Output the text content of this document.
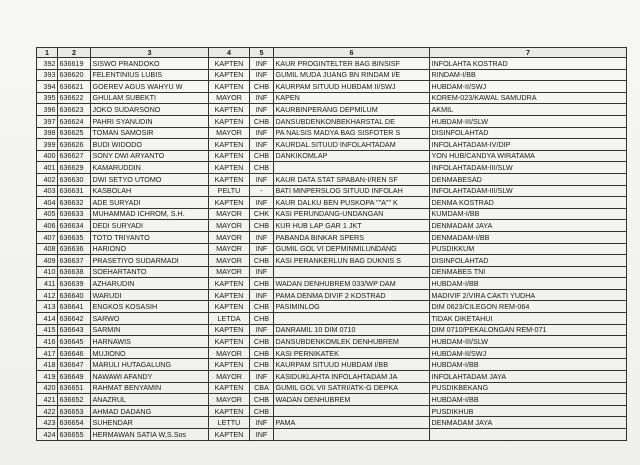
1	2	3	4	5	6	7
392	636619	SISWO PRANDOKO	KAPTEN	INF	KAUR PROGINTELTER BAG BINSISF	INFOLAHTA KOSTRAD
393	636620	FELENTINIUS LUBIS	KAPTEN	INF	GUMIL MUDA JUANG BN RINDAM I/E	RINDAM-I/BB
394	636621	GOEREV AGUS WAHYU W	KAPTEN	CHB	KAURPAM SITUUD HUBDAM II/SWJ	HUBDAM-II/SWJ
395	636622	GHULAM SUBEKTI	MAYOR	INF	KAPEN	KOREM-023/KAWAL SAMUDRA
396	636623	JOKO SUDARSONO	KAPTEN	INF	KAURBINPERANG DEPMILUM	AKMIL
397	636624	PAHRI SYANUDIN	KAPTEN	CHB	DANSUBDENKONBEKHARSTAL DE	HUBDAM-III/SLW
398	636625	TOMAN SAMOSIR	MAYOR	INF	PA NALSIS MADYA BAG SISFOTER S	DISINFOLAHTAD
399	636626	BUDI WIDODO	KAPTEN	INF	KAURDAL SITUUD INFOLAHTADAM	INFOLAHTADAM-IV/DIP
400	636627	SONY DWI ARYANTO	KAPTEN	CHB	DANKIKOMLAP	YON HUB/CANDYA WIRATAMA
401	636629	KAMARUDDIN	KAPTEN	CHB		INFOLAHTADAM-III/SLW
402	636630	DWI SETYO UTOMO	KAPTEN	INF	KAUR DATA STAT SPABAN-I/REN SF	DENMABESAD
403	636631	KASBOLAH	PELTU	-	BATI MINPERSLOG SITUUD INFOLAH	INFOLAHTADAM-III/SLW
404	636632	ADE SURYADI	KAPTEN	INF	KAUR DALKU BEN PUSKOPA ""A"" K	DENMA KOSTRAD
405	636633	MUHAMMAD ICHROM, S.H.	MAYOR	CHK	KASI PERUNDANG-UNDANGAN	KUMDAM-I/BB
406	636634	DEDI SURYADI	MAYOR	CHB	KUR HUB LAP GAR 1 JKT	DENMADAM JAYA
407	636635	TOTO TRIYANTO	MAYOR	INF	PABANDA BINKAR SPERS	DENMADAM-I/BB
408	636636	HARIONO	MAYOR	INF	GUMIL GOL VI DEPMINMILUNDANG	PUSDIKKUM
409	636637	PRASETIYO SUDARMADI	MAYOR	CHB	KASI PERANKERLUN BAG DUKNIS S	DISINFOLAHTAD
410	636638	SOEHARTANTO	MAYOR	INF		DENMABES TNI
411	636639	AZHARUDIN	KAPTEN	CHB	WADAN DENHUBREM 033/WP DAM	HUBDAM-I/BB
412	636640	WARUDI	KAPTEN	INF	PAMA DENMA DIVIF 2 KOSTRAD	MADIVIF 2/VIRA CAKTI YUDHA
413	636641	ENGKOS KOSASIH	KAPTEN	CHB	PASIMINLOG	DIM 0623/CILEGON REM-064
414	636642	SARWO	LETDA	CHB		TIDAK DIKETAHUI
415	636643	SARMIN	KAPTEN	INF	DANRAMIL 10 DIM 0710	DIM 0710/PEKALONGAN REM-071
416	636645	HARNAWIS	KAPTEN	CHB	DANSUBDENKOMLEK DENHUBREM	HUBDAM-III/SLW
417	636646	MUJIONO	MAYOR	CHB	KASI PERNIKATEK	HUBDAM-II/SWJ
418	636647	MARULI HUTAGALUNG	KAPTEN	CHB	KAURPAM SITUUD HUBDAM I/BB	HUBDAM-I/BB
419	636649	NAWAWI AFANDY	MAYOR	INF	KASIDUKLAHTA INFOLAHTADAM JA	INFOLAHTADAM JAYA
420	636651	RAHMAT BENYAMIN	KAPTEN	CBA	GUMIL GOL VII SATRI/ATK-G DEPKA	PUSDIKBEKANG
421	636652	ANAZRUL	MAYOR	CHB	WADAN DENHUBREM	HUBDAM-I/BB
422	636653	AHMAD DADANG	KAPTEN	CHB		PUSDIKHUB
423	636654	SUHENDAR	LETTU	INF	PAMA	DENMADAM JAYA
424	636655	HERMAWAN SATIA W,S.Sos	KAPTEN	INF		
